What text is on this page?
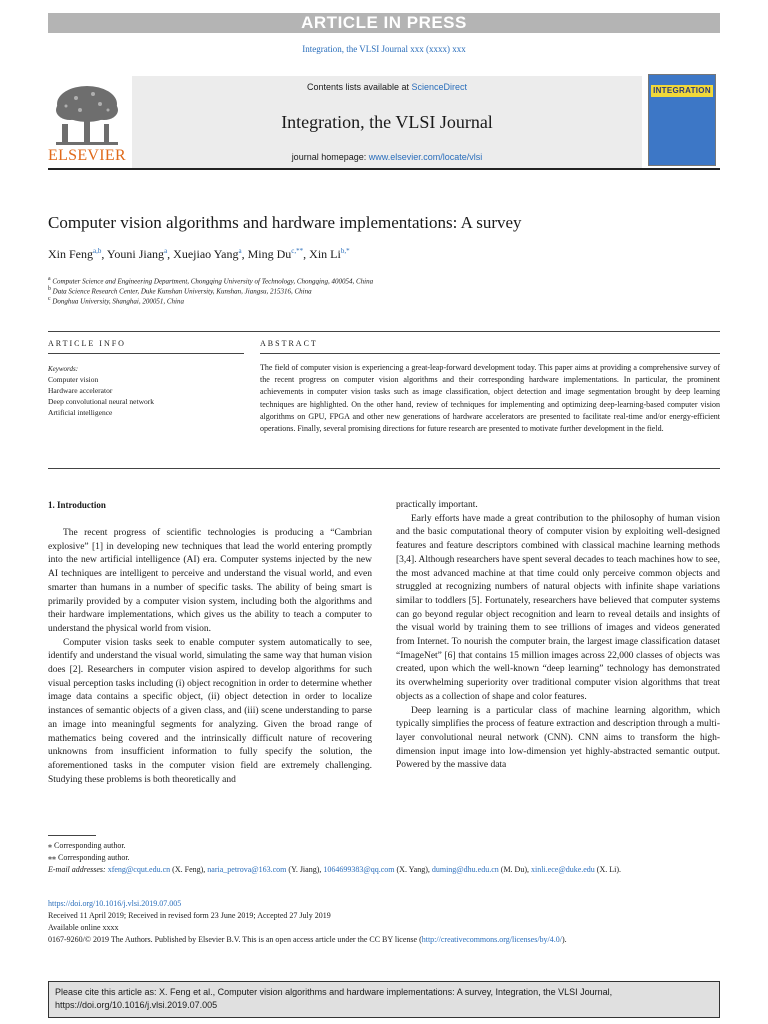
ARTICLE IN PRESS
Integration, the VLSI Journal xxx (xxxx) xxx
ELSEVIER
Contents lists available at ScienceDirect
Integration, the VLSI Journal
journal homepage: www.elsevier.com/locate/vlsi
INTEGRATION
Computer vision algorithms and hardware implementations: A survey
Xin Feng$^{a,b}$, Youni Jiang$^a$, Xuejiao Yang$^a$, Ming $Du^{c,**}$, Xin $Li^{b,*}$
$^a$ Computer Science and Engineering Department, Chongqing University of Technology, Chongqing, 400054, China
$^b$ Data Science Research Center, Duke Kunshan University, Kunshan, Jiangsu, 215316, China
$^c$ Donghua University, Shanghai, 200051, China
ARTICLE INFO	ABSTRACT
Keywords:
Computer vision
Hardware accelerator
Deep convolutional neural network
Artificial intelligence
The field of computer vision is experiencing a great-leap-forward development today. This paper aims at providing a comprehensive survey of the recent progress on computer vision algorithms and their corresponding hardware implementations. In particular, the prominent achievements in computer vision tasks such as image classification, object detection and image segmentation brought by deep learning techniques are highlighted. On the other hand, review of techniques for implementing and optimizing deep-learning-based computer vision algorithms on GPU, FPGA and other new generations of hardware accelerators are presented to facilitate real-time and/or energy-efficient operations. Finally, several promising directions for future research are presented to motivate further development in the field.
1. Introduction

The recent progress of scientific technologies is producing a “Cambrian explosive” [1] in developing new techniques that lead the world entering promptly into the new artificial intelligence (AI) era. Computer systems injected by the new AI techniques are intelligent to perceive and understand the visual world, and even smarter than humans in a number of specific tasks. The ability of being smart is primarily provided by a computer vision system, including both the algorithms and their hardware implementations, which gives us the ability to teach a computer to understand the physical world from vision.

Computer vision tasks seek to enable computer system automatically to see, identify and understand the visual world, simulating the same way that human vision does [2]. Researchers in computer vision aspired to develop algorithms for such visual perception tasks including (i) object recognition in order to determine whether image data contains a specific object, (ii) object detection in order to localize instances of semantic objects of a given class, and (iii) scene understanding to parse an image into meaningful segments for analyzing. Given the broad range of mathematics being covered and the intrinsically difficult nature of recovering unknowns from insufficient information to fully specify the solution, the aforementioned tasks in the computer vision field are extremely challenging. Studying these problems is both theoretically and

practically important.

Early efforts have made a great contribution to the philosophy of human vision and the basic computational theory of computer vision by exploiting well-designed features and feature descriptors combined with classical machine learning methods [3,4]. Although researchers have spent several decades to teach machines how to see, the most advanced machine at that time could only perceive common objects and struggled at recognizing numbers of natural objects with infinite shape variations similar to toddlers [5]. Fortunately, researchers have believed that computer systems can go beyond regular object recognition and learn to reveal details and insights of the visual world by training them to see trillions of images and videos generated from Internet. To nourish the computer brain, the largest image classification dataset “ImageNet” [6] that contains 15 million images across 22,000 classes of objects was created, upon which the well-known “deep learning” technology has demonstrated its overwhelming superiority over traditional computer vision algorithms that treat objects as a collection of shape and color features.

Deep learning is a particular class of machine learning algorithm, which typically simplifies the process of feature extraction and description through a multi-layer convolutional neural network (CNN). CNN aims to transform the high-dimension input image into low-dimension yet highly-abstracted semantic output. Powered by the massive data

⁎ Corresponding author.
⁎⁎ Corresponding author.
E-mail addresses: xfeng@cqut.edu.cn (X. Feng), naria_petrova@163.com (Y. Jiang), 1064699383@qq.com (X. Yang), duming@dhu.edu.cn (M. Du), xinli.ece@duke.edu (X. Li).
https://doi.org/10.1016/j.vlsi.2019.07.005
Received 11 April 2019; Received in revised form 23 June 2019; Accepted 27 July 2019
Available online xxxx
0167-9260/© 2019 The Authors. Published by Elsevier B.V. This is an open access article under the CC BY license (http://creativecommons.org/licenses/by/4.0/).
Please cite this article as: X. Feng et al., Computer vision algorithms and hardware implementations: A survey, Integration, the VLSI Journal, https://doi.org/10.1016/j.vlsi.2019.07.005
